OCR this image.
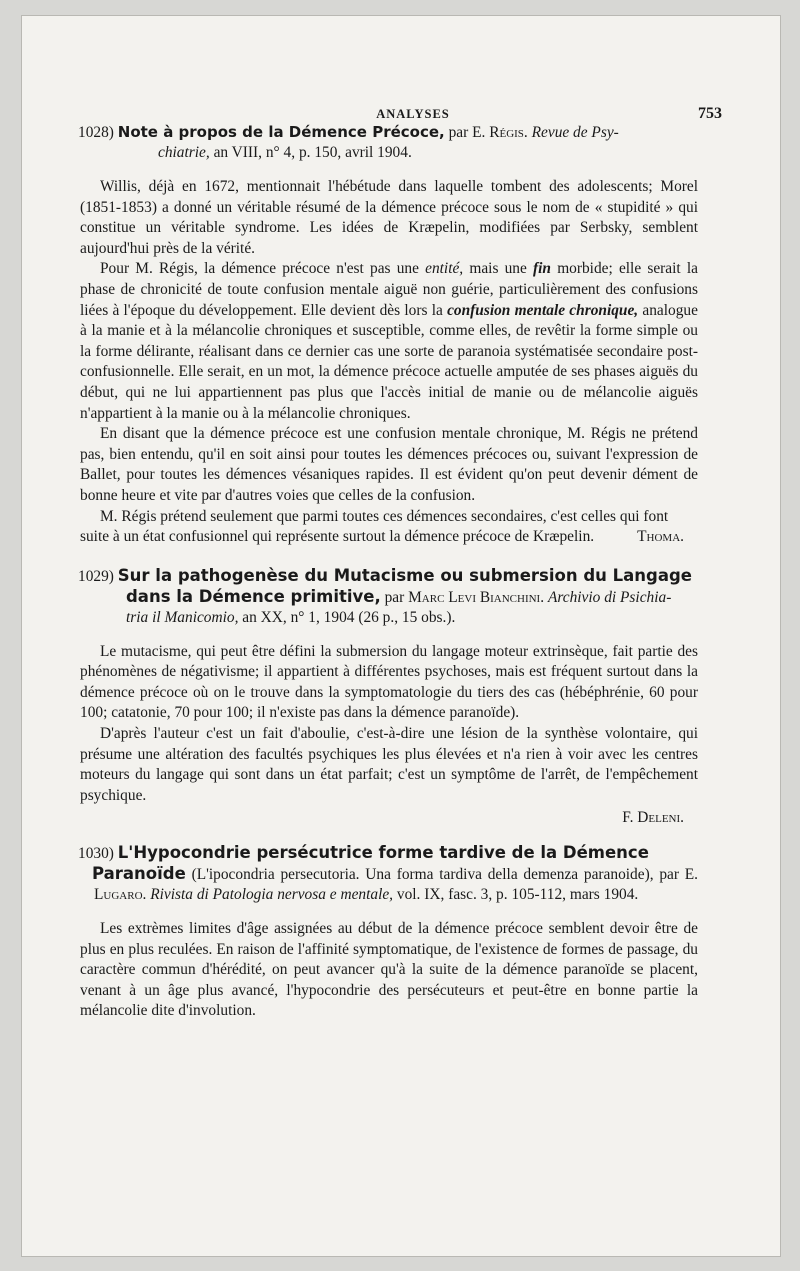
ANALYSES	753
1028) Note à propos de la Démence Précoce, par E. Régis. Revue de Psy-
chiatrie, an VIII, n° 4, p. 150, avril 1904.

Willis, déjà en 1672, mentionnait l'hébétude dans laquelle tombent des adolescents; Morel (1851-1853) a donné un véritable résumé de la démence précoce sous le nom de « stupidité » qui constitue un véritable syndrome. Les idées de Kræpelin, modifiées par Serbsky, semblent aujourd'hui près de la vérité.

Pour M. Régis, la démence précoce n'est pas une entité, mais une fin morbide; elle serait la phase de chronicité de toute confusion mentale aiguë non guérie, particulièrement des confusions liées à l'époque du développement. Elle devient dès lors la confusion mentale chronique, analogue à la manie et à la mélancolie chroniques et susceptible, comme elles, de revêtir la forme simple ou la forme délirante, réalisant dans ce dernier cas une sorte de paranoia systématisée secondaire post-confusionnelle. Elle serait, en un mot, la démence précoce actuelle amputée de ses phases aiguës du début, qui ne lui appartiennent pas plus que l'accès initial de manie ou de mélancolie aiguës n'appartient à la manie ou à la mélancolie chroniques.

En disant que la démence précoce est une confusion mentale chronique, M. Régis ne prétend pas, bien entendu, qu'il en soit ainsi pour toutes les démences précoces ou, suivant l'expression de Ballet, pour toutes les démences vésaniques rapides. Il est évident qu'on peut devenir dément de bonne heure et vite par d'autres voies que celles de la confusion.

M. Régis prétend seulement que parmi toutes ces démences secondaires, c'est celles qui font suite à un état confusionnel qui représente surtout la démence précoce de Kræpelin.	Thoma.
1029) Sur la pathogenèse du Mutacisme ou submersion du Langage
dans la Démence primitive, par Marc Levi Bianchini. Archivio di Psichia-
tria il Manicomio, an XX, n° 1, 1904 (26 p., 15 obs.).

Le mutacisme, qui peut être défini la submersion du langage moteur extrinsèque, fait partie des phénomènes de négativisme; il appartient à différentes psychoses, mais est fréquent surtout dans la démence précoce où on le trouve dans la symptomatologie du tiers des cas (hébéphrénie, 60 pour 100; catatonie, 70 pour 100; il n'existe pas dans la démence paranoïde).

D'après l'auteur c'est un fait d'aboulie, c'est-à-dire une lésion de la synthèse volontaire, qui présume une altération des facultés psychiques les plus élevées et n'a rien à voir avec les centres moteurs du langage qui sont dans un état parfait; c'est un symptôme de l'arrêt, de l'empêchement psychique.

F. Deleni.
1030) L'Hypocondrie persécutrice forme tardive de la Démence
Paranoïde (L'ipocondria persecutoria. Una forma tardiva della demenza paranoide), par E. Lugaro. Rivista di Patologia nervosa e mentale, vol. IX, fasc. 3, p. 105-112, mars 1904.

Les extrèmes limites d'âge assignées au début de la démence précoce semblent devoir être de plus en plus reculées. En raison de l'affinité symptomatique, de l'existence de formes de passage, du caractère commun d'hérédité, on peut avancer qu'à la suite de la démence paranoïde se placent, venant à un âge plus avancé, l'hypocondrie des persécuteurs et peut-être en bonne partie la mélancolie dite d'involution.
